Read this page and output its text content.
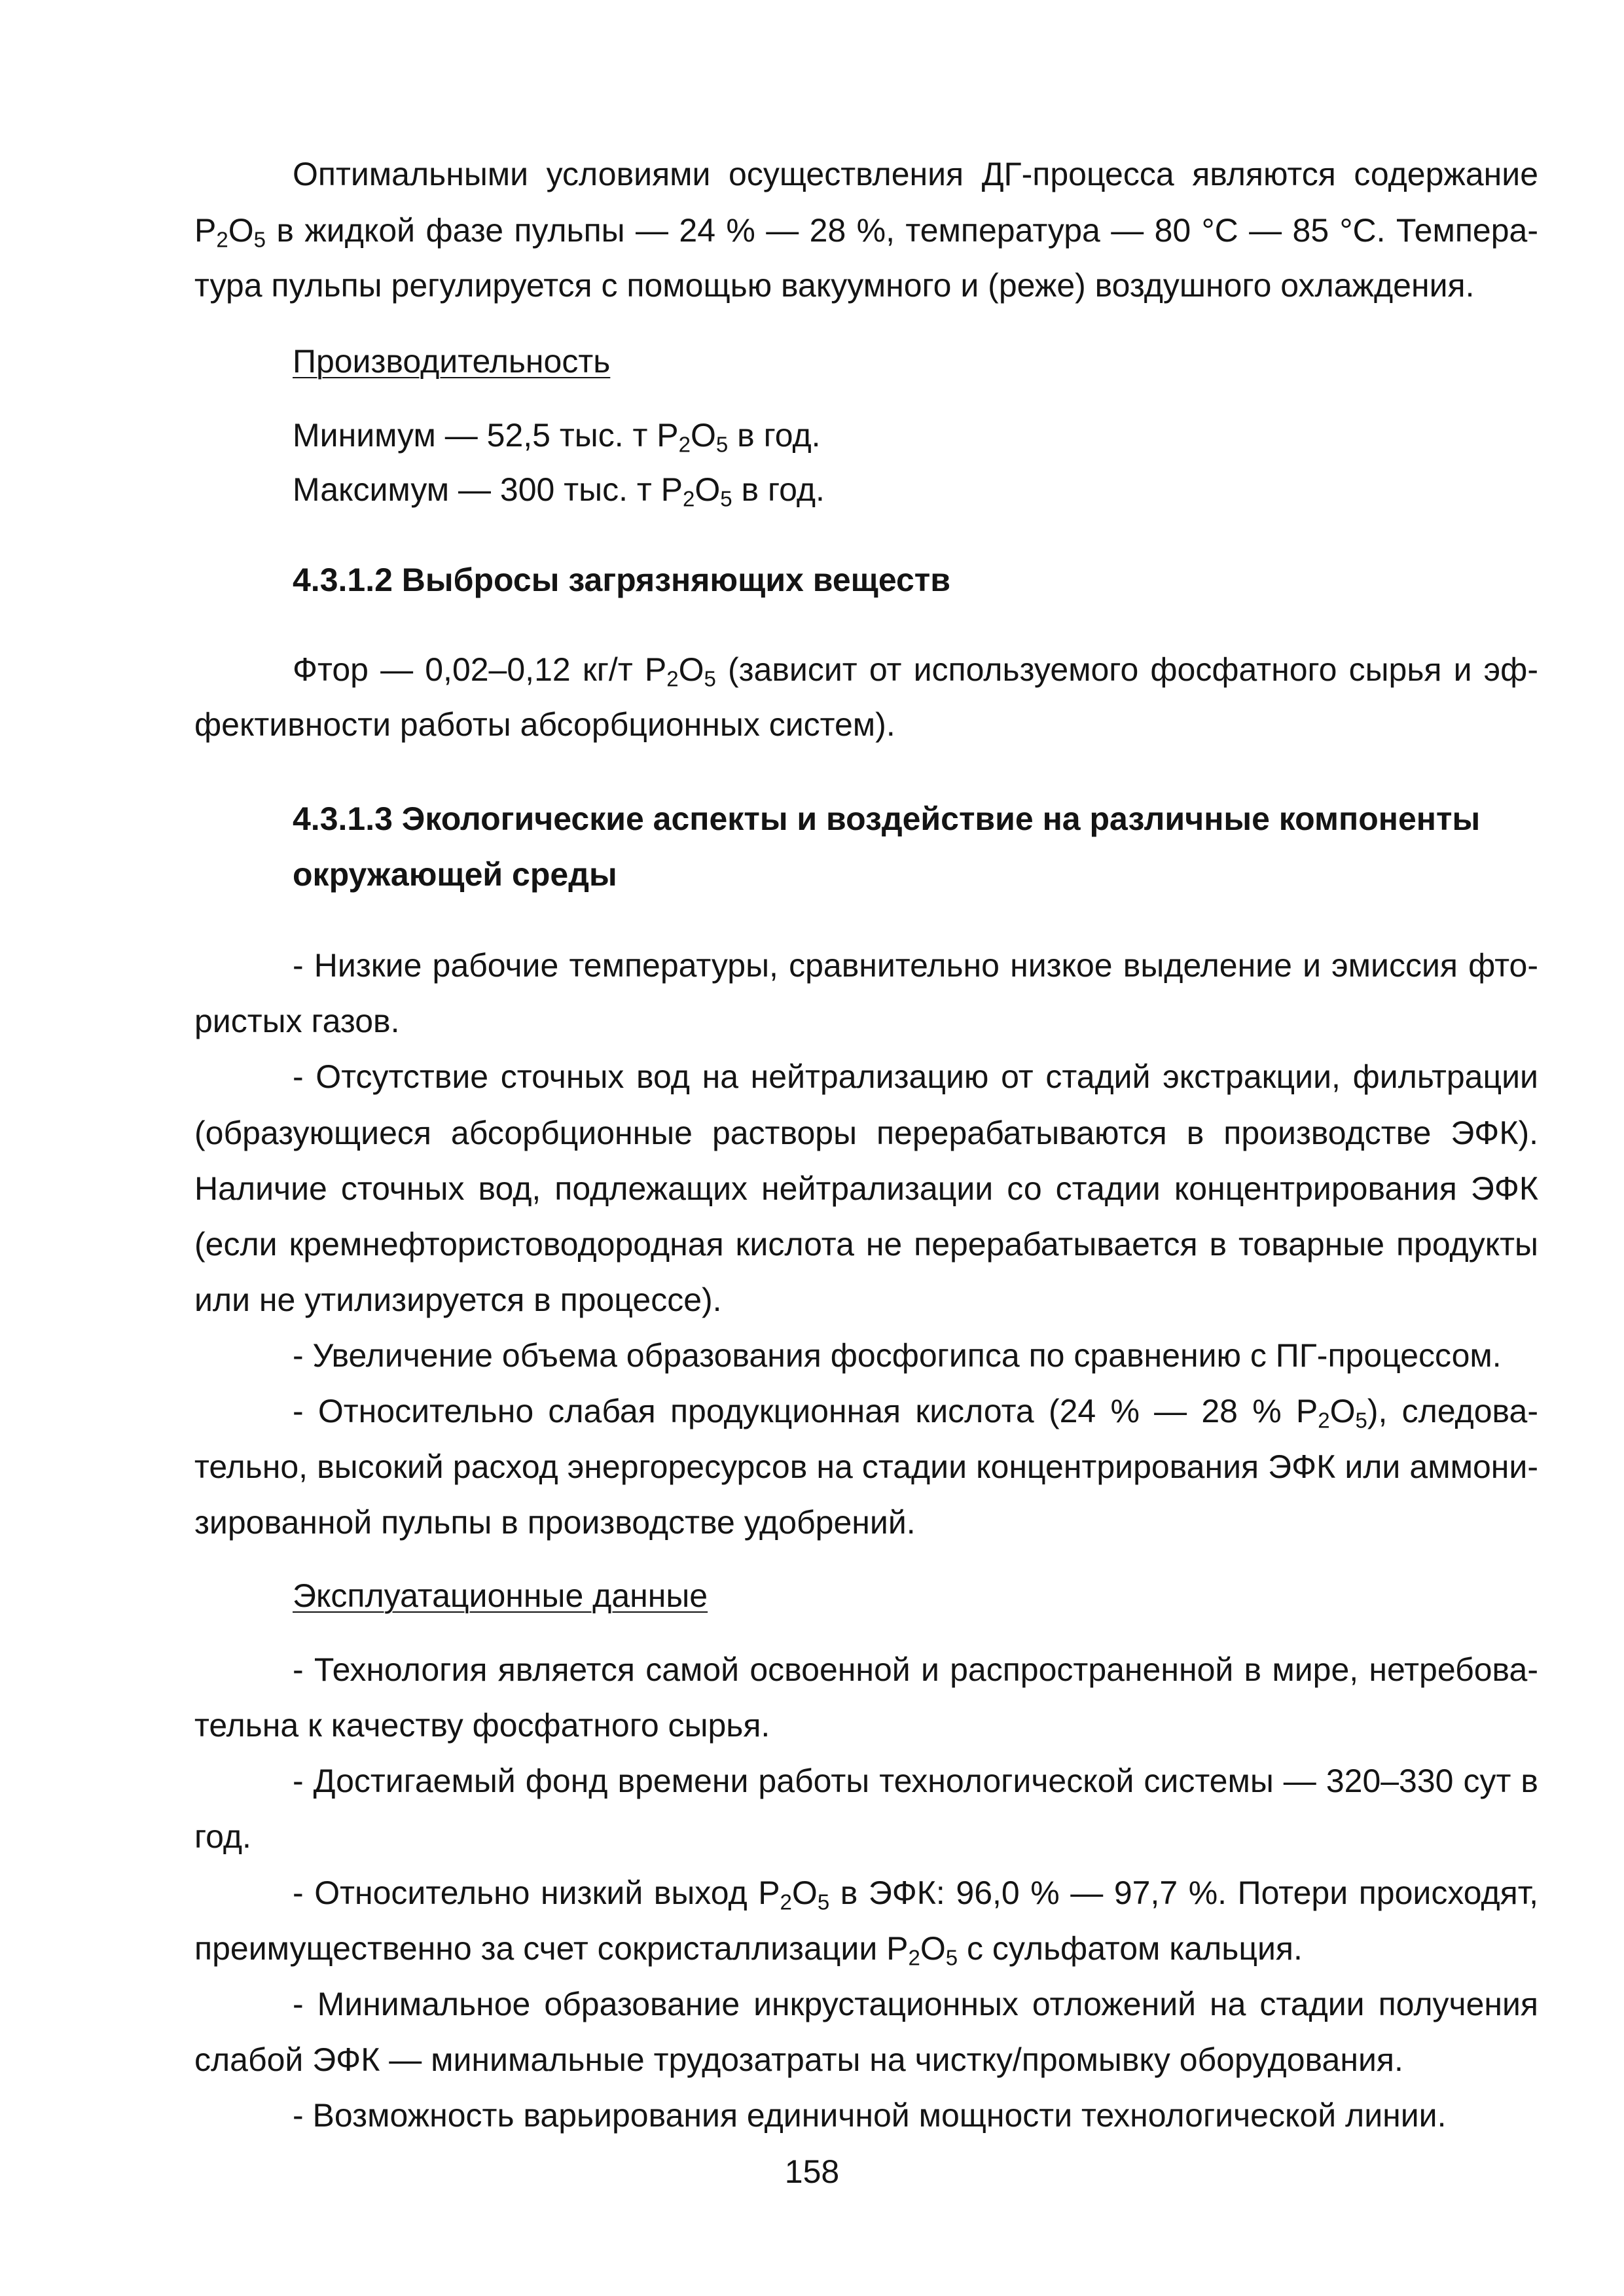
Оптимальными условиями осуществления ДГ-процесса являются содержание
$P_2O_5$ в жидкой фазе пульпы — 24 % — 28 %, температура — 80 °С — 85 °С. Темпера-
тура пульпы регулируется с помощью вакуумного и (реже) воздушного охлаждения.
Производительность
Минимум — 52,5 тыс. т $P_2O_5$ в год.
Максимум — 300 тыс. т $P_2O_5$ в год.
4.3.1.2 Выбросы загрязняющих веществ
Фтор — 0,02–0,12 кг/т $P_2O_5$ (зависит от используемого фосфатного сырья и эф-
фективности работы абсорбционных систем).
4.3.1.3 Экологические аспекты и воздействие на различные компоненты
окружающей среды
- Низкие рабочие температуры, сравнительно низкое выделение и эмиссия фто-
ристых газов.
- Отсутствие сточных вод на нейтрализацию от стадий экстракции, фильтрации
(образующиеся абсорбционные растворы перерабатываются в производстве ЭФК).
Наличие сточных вод, подлежащих нейтрализации со стадии концентрирования ЭФК
(если кремнефтористоводородная кислота не перерабатывается в товарные продукты
или не утилизируется в процессе).
- Увеличение объема образования фосфогипса по сравнению с ПГ-процессом.
- Относительно слабая продукционная кислота (24 % — 28 % $P_2O_5$), следова-
тельно, высокий расход энергоресурсов на стадии концентрирования ЭФК или аммони-
зированной пульпы в производстве удобрений.
Эксплуатационные данные
- Технология является самой освоенной и распространенной в мире, нетребова-
тельна к качеству фосфатного сырья.
- Достигаемый фонд времени работы технологической системы — 320–330 сут в
год.
- Относительно низкий выход $P_2O_5$ в ЭФК: 96,0 % — 97,7 %. Потери происходят,
преимущественно за счет сокристаллизации $P_2O_5$ с сульфатом кальция.
- Минимальное образование инкрустационных отложений на стадии получения
слабой ЭФК — минимальные трудозатраты на чистку/промывку оборудования.
- Возможность варьирования единичной мощности технологической линии.
158
